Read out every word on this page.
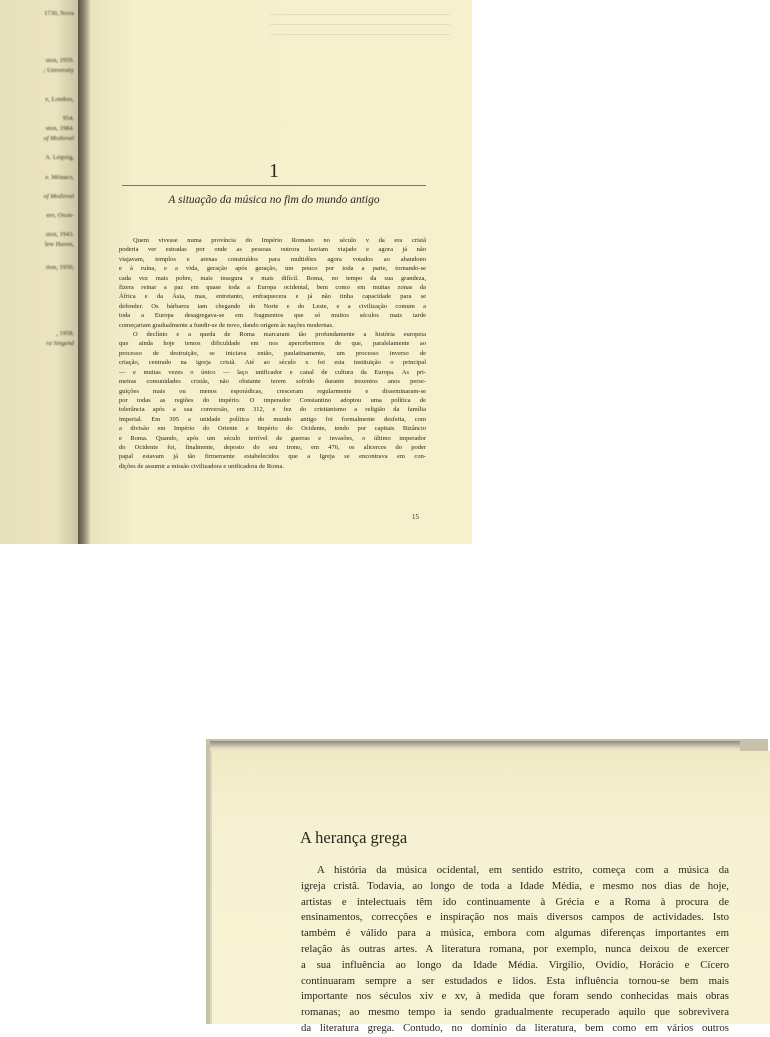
1730, Nova
ston, 1959.
; University
e, Londres,
954.
ston, 1984.
of Medieval
A. Leipzig,
e. Mónaco,
of Medieval
ero, Oxon-
ston, 1943.
lew Haven,
rton, 1950;
, 1958.
ra Singend
1
A situação da música no fim do mundo antigo
Quem vivesse numa província do Império Romano no século v da era cristã
poderia ver estradas por onde as pessoas outrora haviam viajado e agora já não
viajavam, templos e arenas construídos para multidões agora votados ao abandono
e à ruína, e a vida, geração após geração, um pouco por toda a parte, tornando-se
cada vez mais pobre, mais insegura e mais difícil. Roma, no tempo da sua grandeza,
fizera reinar a paz em quase toda a Europa ocidental, bem como em muitas zonas da
África e da Ásia, mas, entretanto, enfraquecera e já não tinha capacidade para se
defender. Os bárbaros iam chegando do Norte e do Leste, e a civilização comum a
toda a Europa desagregava-se em fragmentos que só muitos séculos mais tarde
começariam gradualmente a fundir-se de novo, dando origem às nações modernas.
O declínio e a queda de Roma marcaram tão profundamente a história europeia
que ainda hoje temos dificuldade em nos apercebermos de que, paralelamente ao
processo de destruição, se iniciava então, paulatinamente, um processo inverso de
criação, centrado na igreja cristã. Até ao século x foi esta instituição o principal
— e muitas vezes o único — laço unificador e canal de cultura da Europa. As pri-
meiras comunidades cristãs, não obstante terem sofrido durante trezentos anos perse-
guições mais ou menos esporádicas, cresceram regularmente e disseminaram-se
por todas as regiões do império. O imperador Constantino adoptou uma política de
tolerância após a sua conversão, em 312, e fez do cristianismo a religião da família
imperial. Em 395 a unidade política do mundo antigo foi formalmente desfeita, com
a divisão em Império do Oriente e Império do Ocidente, tendo por capitais Bizâncio
e Roma. Quando, após um século terrível de guerras e invasões, o último imperador
do Ocidente foi, finalmente, deposto do seu trono, em 476, os alicerces do poder
papal estavam já tão firmemente estabelecidos que a Igreja se encontrava em con-
dições de assumir a missão civilizadora e unificadora de Roma.
15
A herança grega
A história da música ocidental, em sentido estrito, começa com a música da
igreja cristã. Todavia, ao longo de toda a Idade Média, e mesmo nos dias de hoje,
artistas e intelectuais têm ido continuamente à Grécia e a Roma à procura de
ensinamentos, correcções e inspiração nos mais diversos campos de actividades. Isto
também é válido para a música, embora com algumas diferenças importantes em
relação às outras artes. A literatura romana, por exemplo, nunca deixou de exercer
a sua influência ao longo da Idade Média. Virgílio, Ovídio, Horácio e Cícero
continuaram sempre a ser estudados e lidos. Esta influência tornou-se bem mais
importante nos séculos xiv e xv, à medida que foram sendo conhecidas mais obras
romanas; ao mesmo tempo ia sendo gradualmente recuperado aquilo que sobrevivera
da literatura grega. Contudo, no domínio da literatura, bem como em vários outros
